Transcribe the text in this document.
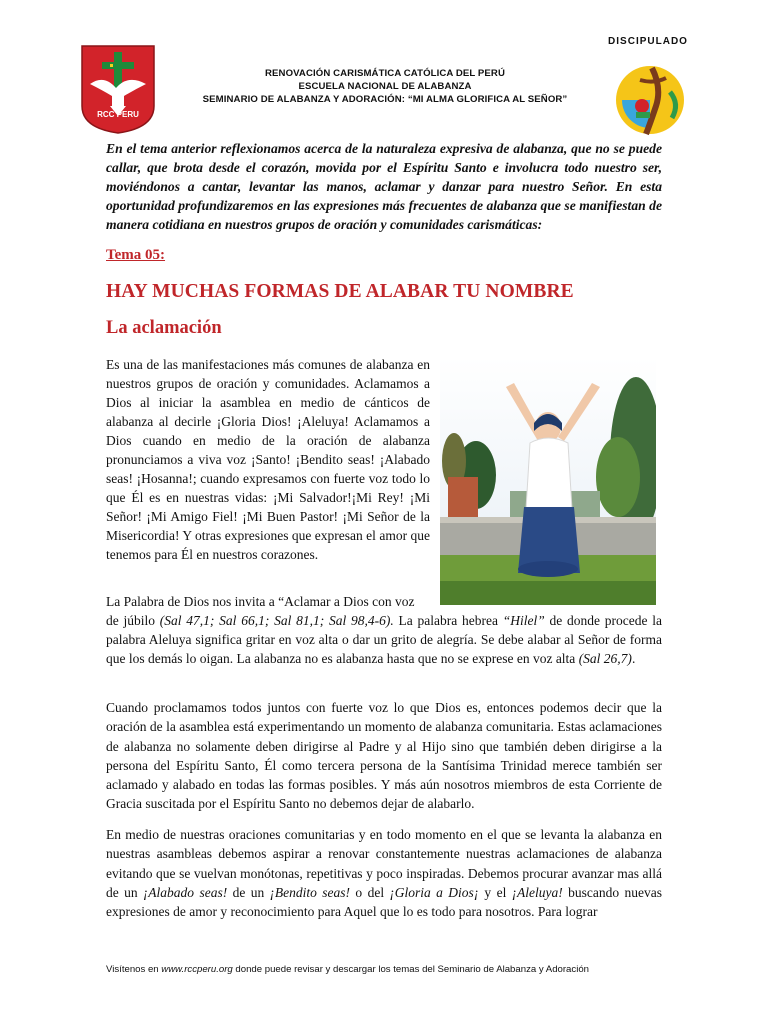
RCC PERU
RENOVACIÓN CARISMÁTICA CATÓLICA DEL PERÚ
ESCUELA NACIONAL DE ALABANZA
SEMINARIO DE ALABANZA Y ADORACIÓN: “MI ALMA GLORIFICA AL SEÑOR”
DISCIPULADO
En el tema anterior reflexionamos acerca de la naturaleza expresiva de alabanza, que no se puede callar, que brota desde el corazón, movida por el Espíritu Santo e involucra todo nuestro ser, moviéndonos a cantar, levantar las manos, aclamar y danzar para nuestro Señor. En esta oportunidad profundizaremos en las expresiones más frecuentes de alabanza que se manifiestan de manera cotidiana en nuestros grupos de oración y comunidades carismáticas:
Tema 05:
HAY MUCHAS FORMAS DE ALABAR TU NOMBRE
La aclamación
Es una de las manifestaciones más comunes de alabanza en nuestros grupos de oración y comunidades. Aclamamos a Dios al iniciar la asamblea en medio de cánticos de alabanza al decirle ¡Gloria Dios! ¡Aleluya! Aclamamos a Dios cuando en medio de la oración de alabanza pronunciamos a viva voz ¡Santo! ¡Bendito seas! ¡Alabado seas! ¡Hosanna!; cuando expresamos con fuerte voz todo lo que Él es en nuestras vidas: ¡Mi Salvador!¡Mi Rey! ¡Mi Señor! ¡Mi Amigo Fiel! ¡Mi Buen Pastor! ¡Mi Señor de la Misericordia! Y otras expresiones que expresan el amor que tenemos para Él en nuestros corazones.
La Palabra de Dios nos invita a “Aclamar a Dios con voz
de júbilo (Sal 47,1; Sal 66,1; Sal 81,1; Sal 98,4-6). La palabra hebrea “Hilel” de donde procede la palabra Aleluya significa gritar en voz alta o dar un grito de alegría. Se debe alabar al Señor de forma que los demás lo oigan. La alabanza no es alabanza hasta que no se exprese en voz alta (Sal 26,7).
Cuando proclamamos todos juntos con fuerte voz lo que Dios es, entonces podemos decir que la oración de la asamblea está experimentando un momento de alabanza comunitaria. Estas aclamaciones de alabanza no solamente deben dirigirse al Padre y al Hijo sino que también deben dirigirse a la persona del Espíritu Santo, Él como tercera persona de la Santísima Trinidad merece también ser aclamado y alabado en todas las formas posibles. Y más aún nosotros miembros de esta Corriente de Gracia suscitada por el Espíritu Santo no debemos dejar de alabarlo.
En medio de nuestras oraciones comunitarias y en todo momento en el que se levanta la alabanza en nuestras asambleas debemos aspirar a renovar constantemente nuestras aclamaciones de alabanza evitando que se vuelvan monótonas, repetitivas y poco inspiradas. Debemos procurar avanzar mas allá de un ¡Alabado seas! de un ¡Bendito seas! o del ¡Gloria a Dios¡ y el ¡Aleluya! buscando nuevas expresiones de amor y reconocimiento para Aquel que lo es todo para nosotros. Para lograr
Visítenos en www.rccperu.org donde puede revisar y descargar los temas del Seminario de Alabanza y Adoración
